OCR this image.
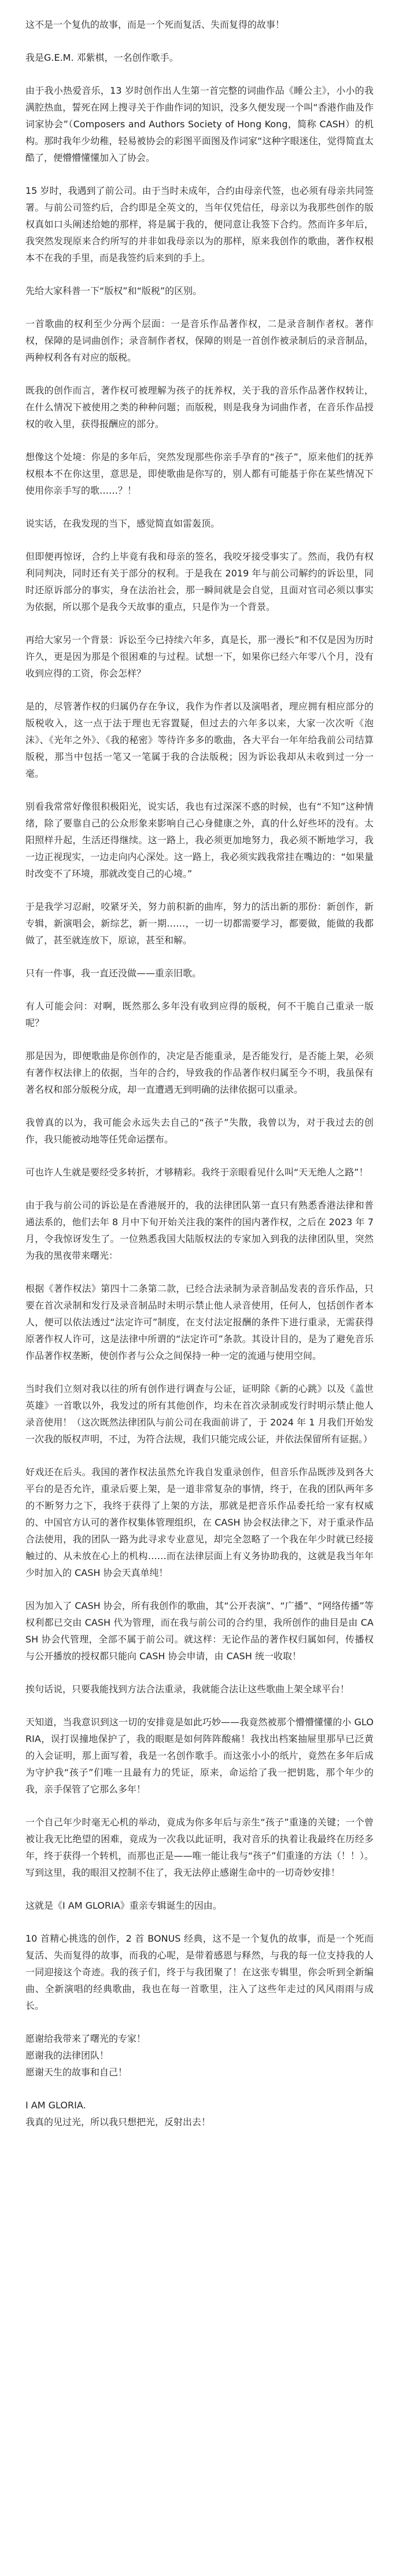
这不是一个复仇的故事，而是一个死而复活、失而复得的故事！

我是G.E.M. 邓紫棋，一名创作歌手。

由于我小热爱音乐，13 岁时创作出人生第一首完整的词曲作品《睡公主》，小小的我满腔热血，誓死在网上搜寻关于作曲作词的知识，没多久便发现一个叫“香港作曲及作词家协会”（Composers and Authors Society of Hong Kong，简称 CASH）的机构。那时我年少幼稚，轻易被协会的彩图平面图及作词家“这种字眼迷住，觉得简直太酷了，便懵懵懂懂加入了协会。

15 岁时，我遇到了前公司。由于当时未成年，合约由母亲代签，也必须有母亲共同签署。与前公司签约后，合约即是全英文的，当年仅凭信任，母亲以为我那些创作的版权真如口头阐述给她的那样，将是属于我的，便同意让我签下合约。然而许多年后，我突然发现原来合约所写的并非如我母亲以为的那样，原来我创作的歌曲，著作权根本不在我的手里，而是我签约后来到的手上。

先给大家科普一下“版权”和“版税”的区别。

一首歌曲的权利至少分两个层面：一是音乐作品著作权，二是录音制作者权。著作权，保障的是词曲创作；录音制作者权，保障的则是一首创作被录制后的录音制品，两种权利各有对应的版税。

既我的创作而言，著作权可被理解为孩子的抚养权，关于我的音乐作品著作权转让，在什么情况下被使用之类的种种问题；而版税，则是我身为词曲作者，在音乐作品授权的收入里，获得报酬应的部分。

想像这个处境：你是的多年后，突然发现那些你亲手孕育的“孩子”，原来他们的抚养权根本不在你这里，意思是，即使歌曲是你写的，别人都有可能基于你在某些情况下使用你亲手写的歌……？！

说实话，在我发现的当下，感觉简直如雷轰顶。

但即便再惊讶，合约上毕竟有我和母亲的签名，我咬牙接受事实了。然而，我仍有权利同判决，同时还有关于部分的权利。于是我在 2019 年与前公司解约的诉讼里，同时还原诉部分的事实，身在法治社会，那一瞬间就是会自觉，且面对官司必须以事实为依据，所以那个是我今天故事的重点，只是作为一个背景。

再给大家另一个背景：诉讼至今已持续六年多，真是长，那一漫长”和不仅是因为历时许久，更是因为那是个很困难的与过程。试想一下，如果你已经六年零八个月，没有收到应得的工资，你会怎样？

是的，尽管著作权的归属仍存在争议，我作为作者以及演唱者，理应拥有相应部分的版税收入，这一点于法于理也无容置疑，但过去的六年多以来，大家一次次听《泡沫》、《光年之外》、《我的秘密》等待许多多的歌曲，各大平台一年年给我前公司结算版税，那当中包括一笔又一笔属于我的合法版税；因为诉讼我却从未收到过一分一毫。

别看我常常好像很积极阳光，说实话，我也有过深深不惑的时候，也有“不知”这种情绪，除了要靠自己的公众形象来影响自己心身健康之外，真的什么好些坏的没有。太阳照样升起，生活还得继续。这一路上，我必须更加地努力，我必须不断地学习，我一边正视现实，一边走向内心深处。这一路上，我必须实践我常挂在嘴边的：“如果量时改变不了环境，那就改变自己的心境。”

于是我学习忍耐，咬紧牙关，努力前积新的曲库，努力的活出新的那份：新创作，新专辑，新演唱会，新综艺，新一期……，一切一切都需要学习，都要做，能做的我都做了，甚至就连放下，原谅，甚至和解。

只有一件事，我一直还没做——重亲旧歌。

有人可能会问：对啊，既然那么多年没有收到应得的版税，何不干脆自己重录一版呢？

那是因为，即便歌曲是你创作的，决定是否能重录，是否能发行，是否能上架，必须有著作权法律上的依据，当年的合约，导致我的作品著作权归属至今不明，我虽保有著名权和部分版税分成，却一直遭遇无到明确的法律依据可以重录。

我曾真的以为，我可能会永远失去自己的“孩子”失散，我曾以为，对于我过去的创作，我只能被动地等任凭命运摆布。

可也许人生就是要经受多转折，才够精彩。我终于亲眼看见什么叫“天无绝人之路”！

由于我与前公司的诉讼是在香港展开的，我的法律团队第一直只有熟悉香港法律和普通法系的，他们去年 8 月中下旬开始关注我的案件的国内著作权，之后在 2023 年 7 月，令我惊讶发生了。一位熟悉我国大陆版权法的专家加入到我的法律团队里，突然为我的黑夜带来曙光：

根据《著作权法》第四十二条第二款，已经合法录制为录音制品发表的音乐作品，只要在首次录制和发行及录音制品时未明示禁止他人录音使用，任何人，包括创作者本人，便可以依法透过“法定许可”制度，在支付法定报酬的条件下进行重录，无需获得原著作权人许可，这是法律中所谓的“法定许可”条款。其设计目的，是为了避免音乐作品著作权垄断，使创作者与公众之间保持一种一定的流通与使用空间。

当时我们立刻对我以往的所有创作进行调查与公证，证明除《新的心跳》以及《盖世英雄》一首歌以外，我发过的所有其他创作，均未在首次录制或发行时明示禁止他人录音使用！（这次既然法律团队与前公司在我面前讲了，于 2024 年 1 月我们开始发一次我的版权声明，不过，为符合法规，我们只能完成公证，并依法保留所有证据。）

好戏还在后头。我国的著作权法虽然允许我自发重录创作，但音乐作品既涉及到各大平台的是否允许，重录后要上架，是一道非常复杂的事情，终于，在我的团队两年多的不断努力之下，我终于获得了上架的方法，那就是把音乐作品委托给一家有权威的、中国官方认可的著作权集体管理组织，在 CASH 协会权法律之下，对于重录作品合法使用，我的团队一路为此寻求专业意见，却完全忽略了一个我在年少时就已经接触过的、从未放在心上的机构……而在法律层面上有义务协助我的，这就是我当年年少时加入的 CASH 协会天真单纯！

因为加入了 CASH 协会，所有我创作的歌曲，其“公开表演”、“广播”、“网络传播”等权利都已交由 CASH 代为管理，而在我与前公司的合约里，我所创作的曲目是由 CASH 协会代管理，全部不属于前公司。就这样：无论作品的著作权归属如何，传播权与公开播放的授权都只能向 CASH 协会申请，由 CASH 统一收取！

挨句话说，只要我能找到方法合法重录，我就能合法让这些歌曲上架全球平台！

天知道，当我意识到这一切的安排竟是如此巧妙——我竟然被那个懵懵懂懂的小 GLORIA，误打误撞地保护了，我的眼眶是如何阵阵酸痛！我找出档案抽屉里那早已泛黄的入会证明，那上面写着，我是一名创作歌手。而这张小小的纸片，竟然在多年后成为守护我“孩子”们唯一且最有力的凭证，原来，命运给了我一把钥匙，那个年少的我，亲手保管了它那么多年！

一个自己年少时毫无心机的举动，竟成为你多年后与亲生“孩子”重逢的关键；一个曾被让我无比绝望的困难，竟成为一次我以此证明，我对音乐的执着让我最终在历经多年，终于获得一个转机，而那也正是——唯一能让我与“孩子”们重逢的方法（！！）。写到这里，我的眼泪又控制不住了，我无法停止感谢生命中的一切奇妙安排！

这就是《I AM GLORIA》重亲专辑诞生的因由。

10 首精心挑选的创作，2 首 BONUS 经典，这不是一个复仇的故事，而是一个死而复活、失而复得的故事，而我的心呢，是带着感恩与释然，与我的每一位支持我的人一同迎接这个奇迹。我的孩子们，终于与我团聚了！在这张专辑里，你会听到全新编曲、全新演唱的经典歌曲，我也在每一首歌里，注入了这些年走过的风风雨雨与成长。

愿谢给我带来了曙光的专家！
愿谢我的法律团队！
愿谢天生的故事和自己！
I AM GLORIA.
我真的见过光，所以我只想把光，反射出去！
